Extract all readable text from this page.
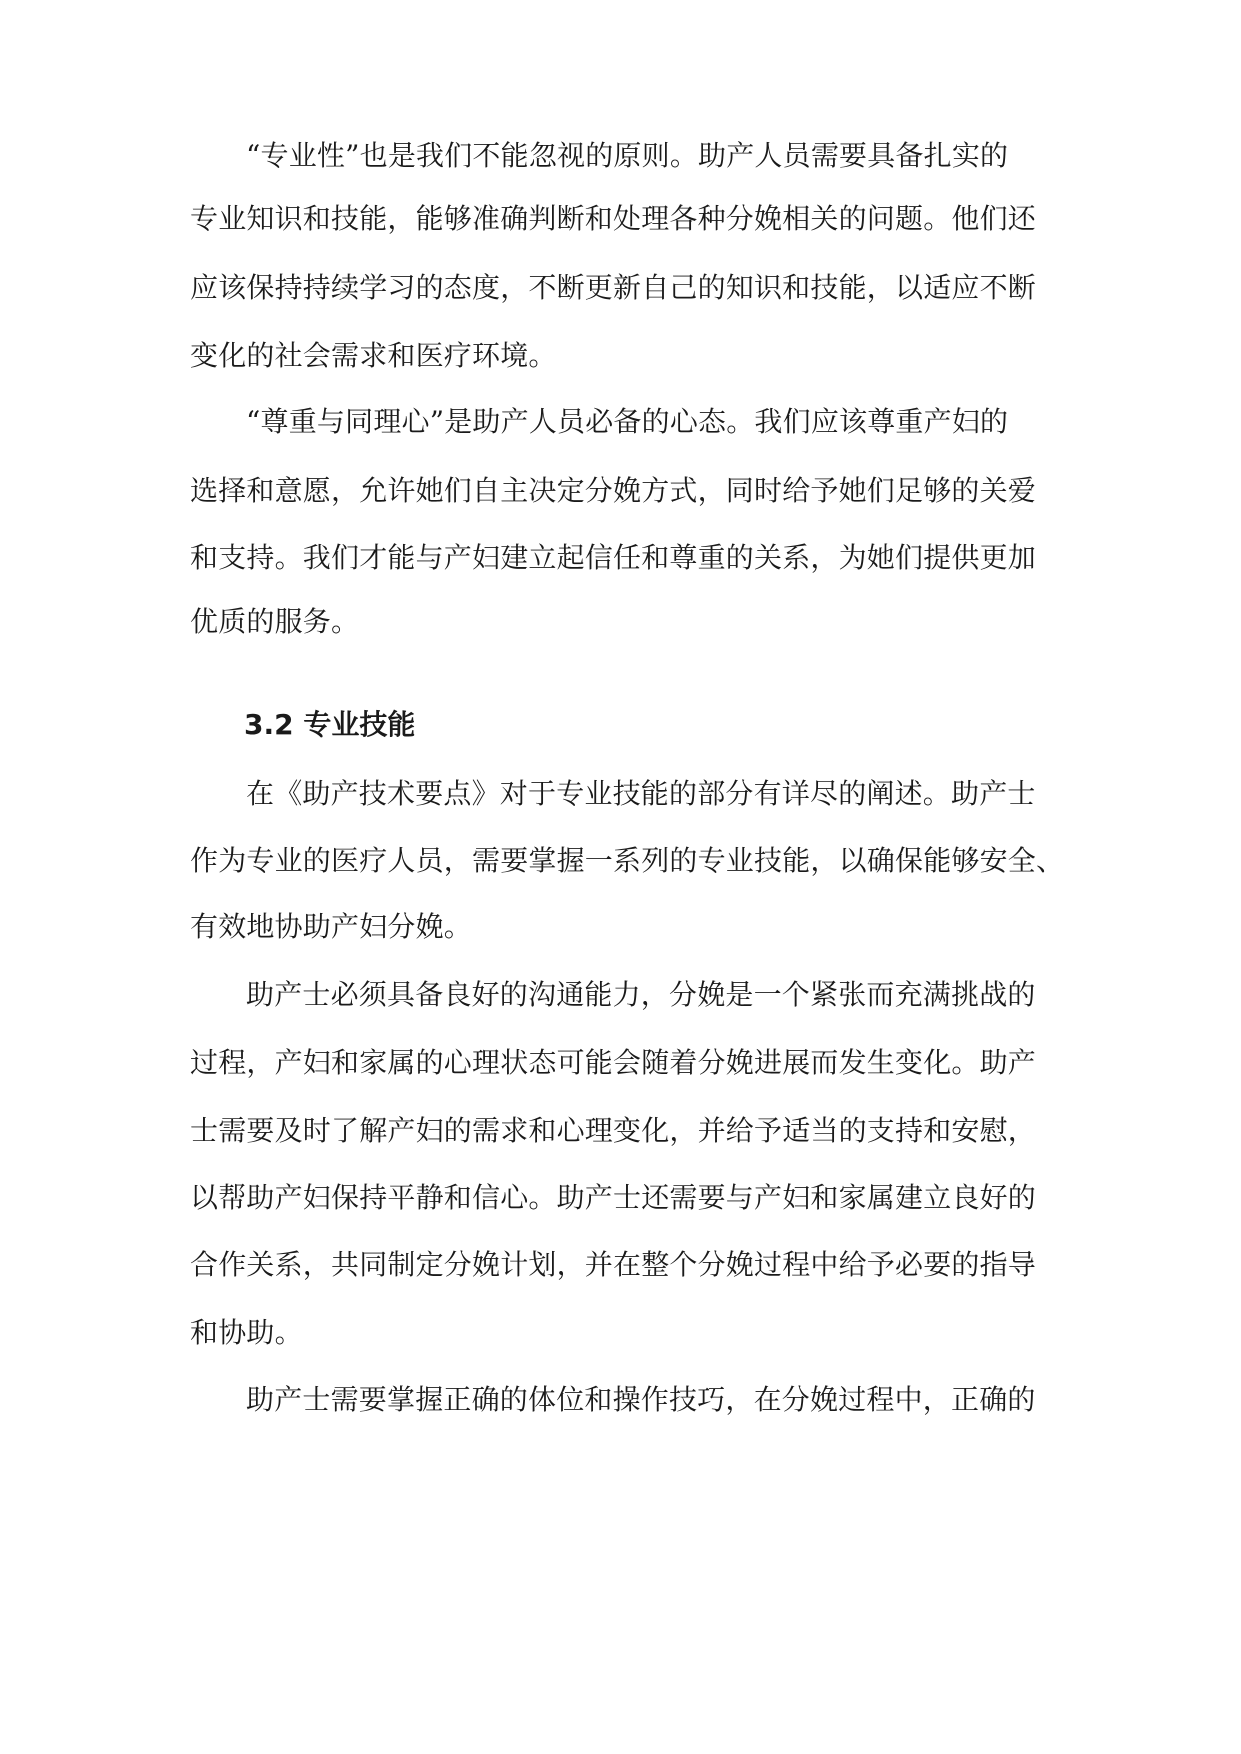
“专业性”也是我们不能忽视的原则。助产人员需要具备扎实的
专业知识和技能，能够准确判断和处理各种分娩相关的问题。他们还
应该保持持续学习的态度，不断更新自己的知识和技能，以适应不断
变化的社会需求和医疗环境。
“尊重与同理心”是助产人员必备的心态。我们应该尊重产妇的
选择和意愿，允许她们自主决定分娩方式，同时给予她们足够的关爱
和支持。我们才能与产妇建立起信任和尊重的关系，为她们提供更加
优质的服务。
3.2 专业技能
在《助产技术要点》对于专业技能的部分有详尽的阐述。助产士
作为专业的医疗人员，需要掌握一系列的专业技能，以确保能够安全、
有效地协助产妇分娩。
助产士必须具备良好的沟通能力，分娩是一个紧张而充满挑战的
过程，产妇和家属的心理状态可能会随着分娩进展而发生变化。助产
士需要及时了解产妇的需求和心理变化，并给予适当的支持和安慰，
以帮助产妇保持平静和信心。助产士还需要与产妇和家属建立良好的
合作关系，共同制定分娩计划，并在整个分娩过程中给予必要的指导
和协助。
助产士需要掌握正确的体位和操作技巧，在分娩过程中，正确的
